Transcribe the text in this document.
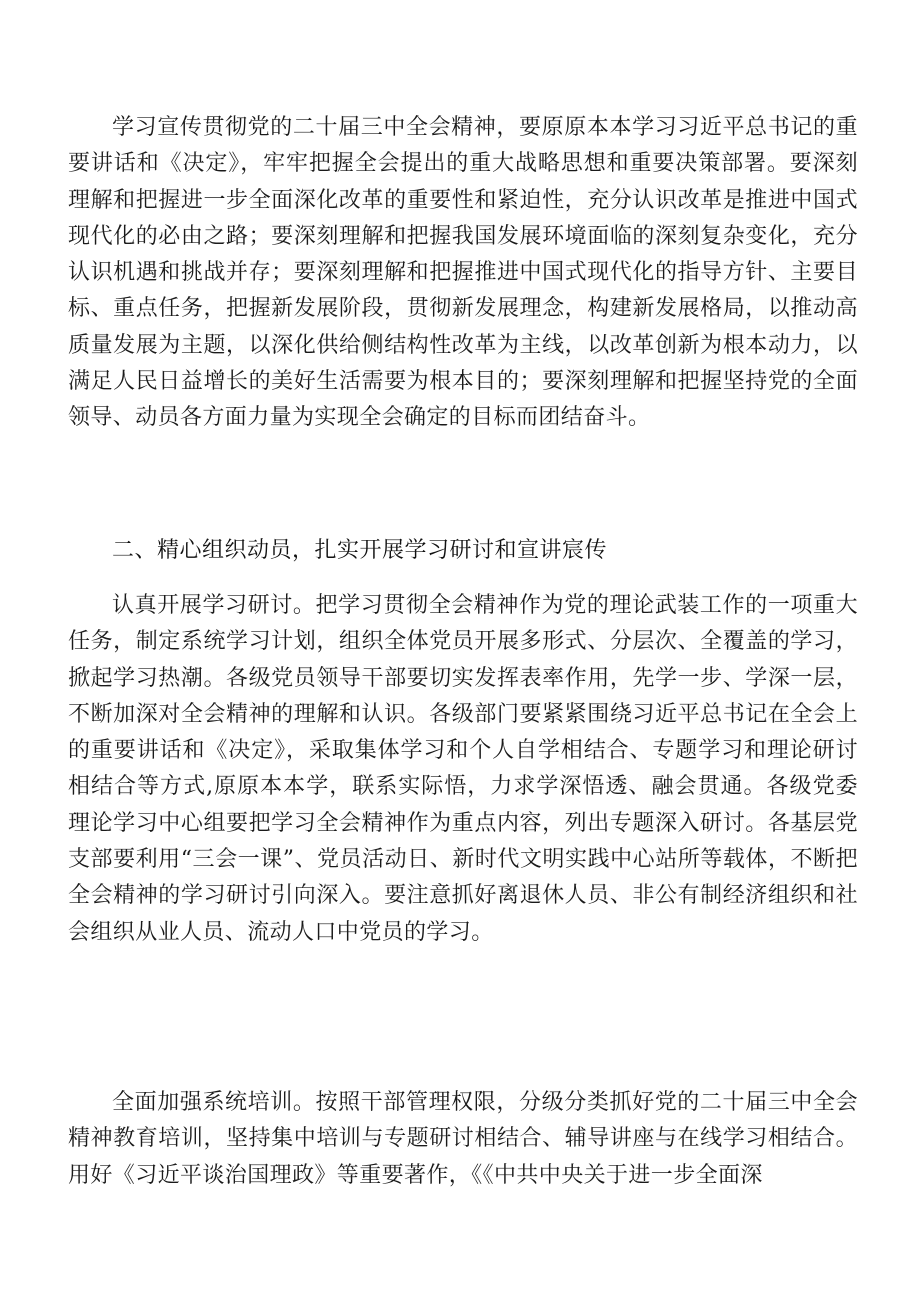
学习宣传贯彻党的二十届三中全会精神，要原原本本学习习近平总书记的重要讲话和《决定》，牢牢把握全会提出的重大战略思想和重要决策部署。要深刻理解和把握进一步全面深化改革的重要性和紧迫性，充分认识改革是推进中国式现代化的必由之路；要深刻理解和把握我国发展环境面临的深刻复杂变化，充分认识机遇和挑战并存；要深刻理解和把握推进中国式现代化的指导方针、主要目标、重点任务，把握新发展阶段，贯彻新发展理念，构建新发展格局，以推动高质量发展为主题，以深化供给侧结构性改革为主线，以改革创新为根本动力，以满足人民日益增长的美好生活需要为根本目的；要深刻理解和把握坚持党的全面领导、动员各方面力量为实现全会确定的目标而团结奋斗。

二、精心组织动员，扎实开展学习研讨和宣讲宸传

认真开展学习研讨。把学习贯彻全会精神作为党的理论武装工作的一项重大任务，制定系统学习计划，组织全体党员开展多形式、分层次、全覆盖的学习，掀起学习热潮。各级党员领导干部要切实发挥表率作用，先学一步、学深一层，不断加深对全会精神的理解和认识。各级部门要紧紧围绕习近平总书记在全会上的重要讲话和《决定》，采取集体学习和个人自学相结合、专题学习和理论研讨相结合等方式,原原本本学，联系实际悟，力求学深悟透、融会贯通。各级党委理论学习中心组要把学习全会精神作为重点内容，列出专题深入研讨。各基层党支部要利用“三会一课”、党员活动日、新时代文明实践中心站所等载体，不断把全会精神的学习研讨引向深入。要注意抓好离退休人员、非公有制经济组织和社会组织从业人员、流动人口中党员的学习。

全面加强系统培训。按照干部管理权限，分级分类抓好党的二十届三中全会精神教育培训，坚持集中培训与专题研讨相结合、辅导讲座与在线学习相结合。用好《习近平谈治国理政》等重要著作，《《中共中央关于进一步全面深
